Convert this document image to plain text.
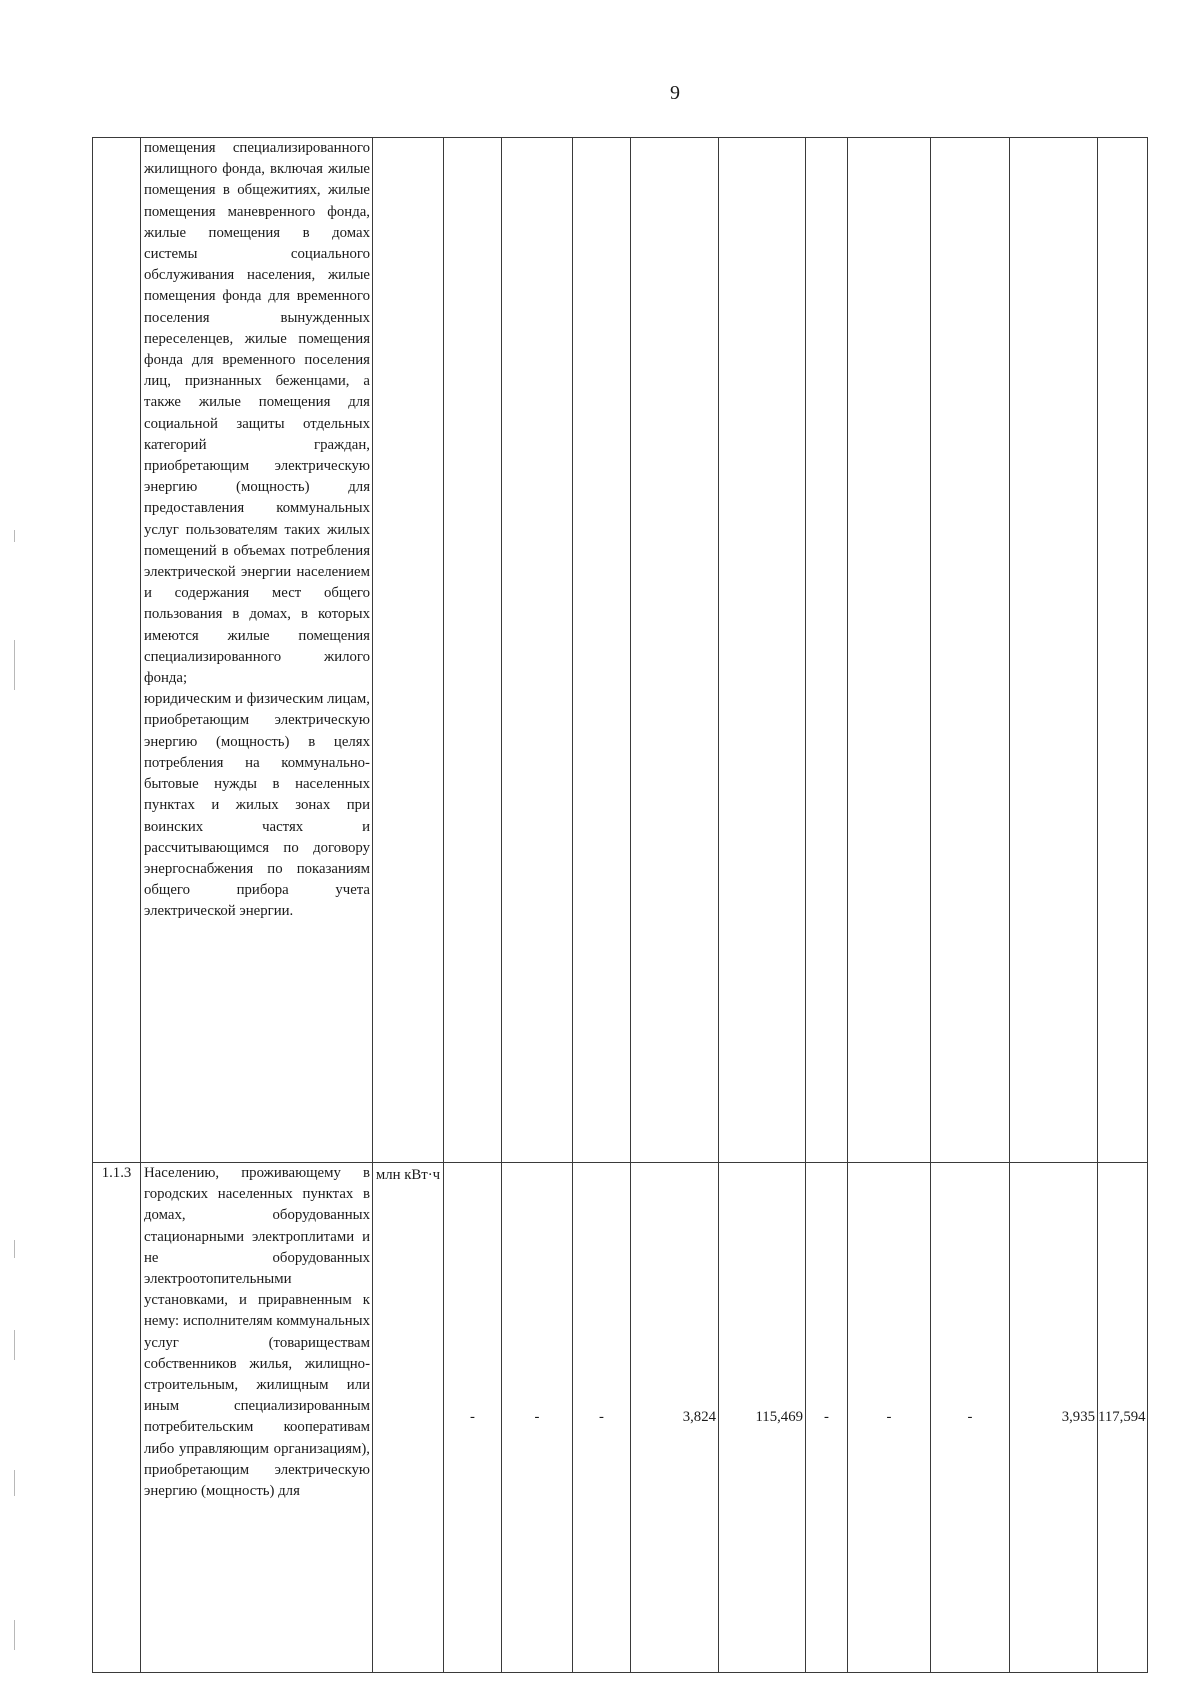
9

	помещения специализированного жилищного фонда, включая жилые помещения в общежитиях, жилые помещения маневренного фонда, жилые помещения в домах системы социального обслуживания населения, жилые помещения фонда для временного поселения вынужденных переселенцев, жилые помещения фонда для временного поселения лиц, признанных беженцами, а также жилые помещения для социальной защиты отдельных категорий граждан, приобретающим электрическую энергию (мощность) для предоставления коммунальных услуг пользователям таких жилых помещений в объемах потребления электрической энергии населением и содержания мест общего пользования в домах, в которых имеются жилые помещения специализированного жилого фонда;
юридическим и физическим лицам, приобретающим электрическую энергию (мощность) в целях потребления на коммунально-бытовые нужды в населенных пунктах и жилых зонах при воинских частях и рассчитывающимся по договору энергоснабжения по показаниям общего прибора учета электрической энергии.											

1.1.3	Населению, проживающему в городских населенных пунктах в домах, оборудованных стационарными электроплитами и не оборудованных электроотопительными установками, и приравненным к нему: исполнителям коммунальных услуг (товариществам собственников жилья, жилищно-строительным, жилищным или иным специализированным потребительским кооперативам либо управляющим организациям), приобретающим электрическую энергию (мощность) для	млн кВт·ч	-	-	-	3,824	115,469	-	-	-	3,935	117,594
